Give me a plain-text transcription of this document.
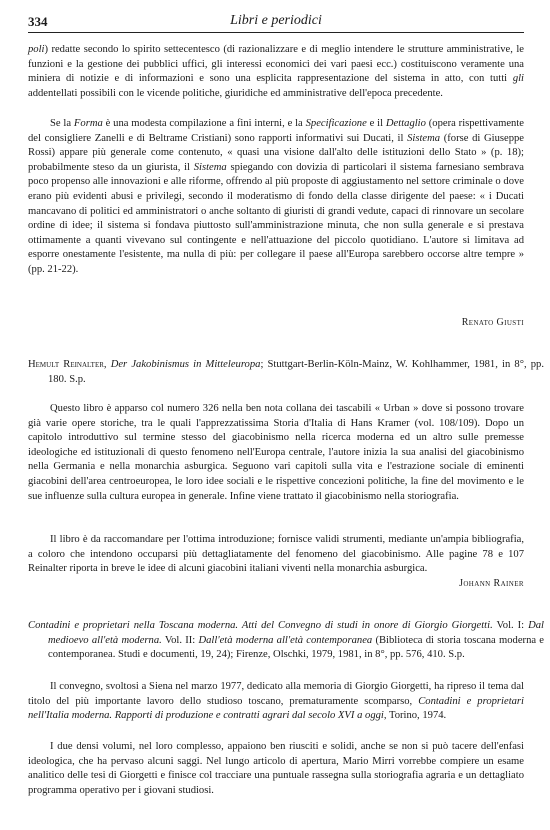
334	Libri e periodici

poli) redatte secondo lo spirito settecentesco (di razionalizzare e di meglio intendere le strutture amministrative, le funzioni e la gestione dei pubblici uffici, gli interessi economici dei vari paesi ecc.) costituiscono veramente una miniera di notizie e di informazioni e sono una esplicita rappresentazione del sistema in atto, con tutti gli addentellati possibili con le vicende politiche, giuridiche ed amministrative dell'epoca precedente.

Se la Forma è una modesta compilazione a fini interni, e la Specificazione e il Dettaglio (opera rispettivamente del consigliere Zanelli e di Beltrame Cristiani) sono rapporti informativi sui Ducati, il Sistema (forse di Giuseppe Rossi) appare più generale come contenuto, « quasi una visione dall'alto delle istituzioni dello Stato » (p. 18); probabilmente steso da un giurista, il Sistema spiegando con dovizia di particolari il sistema farnesiano sembrava poco propenso alle innovazioni e alle riforme, offrendo al più proposte di aggiustamento nel settore criminale o dove erano più evidenti abusi e privilegi, secondo il moderatismo di fondo della classe dirigente del paese: « i Ducati mancavano di politici ed amministratori o anche soltanto di giuristi di grandi vedute, capaci di rinnovare un secolare ordine di idee; il sistema si fondava piuttosto sull'amministrazione minuta, che non sulla generale e si prestava ottimamente a quanti vivevano sul contingente e nell'attuazione del piccolo quotidiano. L'autore si limitava ad esporre onestamente l'esistente, ma nulla di più: per collegare il paese all'Europa sarebbero occorse altre tempre » (pp. 21-22).

Renato Giusti

Hemult Reinalter, Der Jakobinismus in Mitteleuropa; Stuttgart-Berlin-Köln-Mainz, W. Kohlhammer, 1981, in 8°, pp. 180. S.p.

Questo libro è apparso col numero 326 nella ben nota collana dei tascabili « Urban » dove si possono trovare già varie opere storiche, tra le quali l'apprezzatissima Storia d'Italia di Hans Kramer (vol. 108/109). Dopo un capitolo introduttivo sul termine stesso del giacobinismo nella ricerca moderna ed un altro sulle premesse ideologiche ed istituzionali di questo fenomeno nell'Europa centrale, l'autore inizia la sua analisi del giacobinismo nella Germania e nella monarchia asburgica. Seguono vari capitoli sulla vita e l'estrazione sociale di eminenti giacobini dell'area centroeuropea, le loro idee sociali e le rispettive concezioni politiche, la fine del movimento e le sue influenze sulla cultura europea in generale. Infine viene trattato il giacobinismo nella storiografia.

Il libro è da raccomandare per l'ottima introduzione; fornisce validi strumenti, mediante un'ampia bibliografia, a coloro che intendono occuparsi più dettagliatamente del fenomeno del giacobinismo. Alle pagine 78 e 107 Reinalter riporta in breve le idee di alcuni giacobini italiani viventi nella monarchia asburgica.

Johann Rainer

Contadini e proprietari nella Toscana moderna. Atti del Convegno di studi in onore di Giorgio Giorgetti. Vol. I: Dal medioevo all'età moderna. Vol. II: Dall'età moderna all'età contemporanea (Biblioteca di storia toscana moderna e contemporanea. Studi e documenti, 19, 24); Firenze, Olschki, 1979, 1981, in 8°, pp. 576, 410. S.p.

Il convegno, svoltosi a Siena nel marzo 1977, dedicato alla memoria di Giorgio Giorgetti, ha ripreso il tema dal titolo del più importante lavoro dello studioso toscano, prematuramente scomparso, Contadini e proprietari nell'Italia moderna. Rapporti di produzione e contratti agrari dal secolo XVI a oggi, Torino, 1974.

I due densi volumi, nel loro complesso, appaiono ben riusciti e solidi, anche se non si può tacere dell'enfasi ideologica, che ha pervaso alcuni saggi. Nel lungo articolo di apertura, Mario Mirri vorrebbe compiere un esame analitico delle tesi di Giorgetti e finisce col tracciare una puntuale rassegna sulla storiografia agraria e un dettagliato programma operativo per i giovani studiosi.
